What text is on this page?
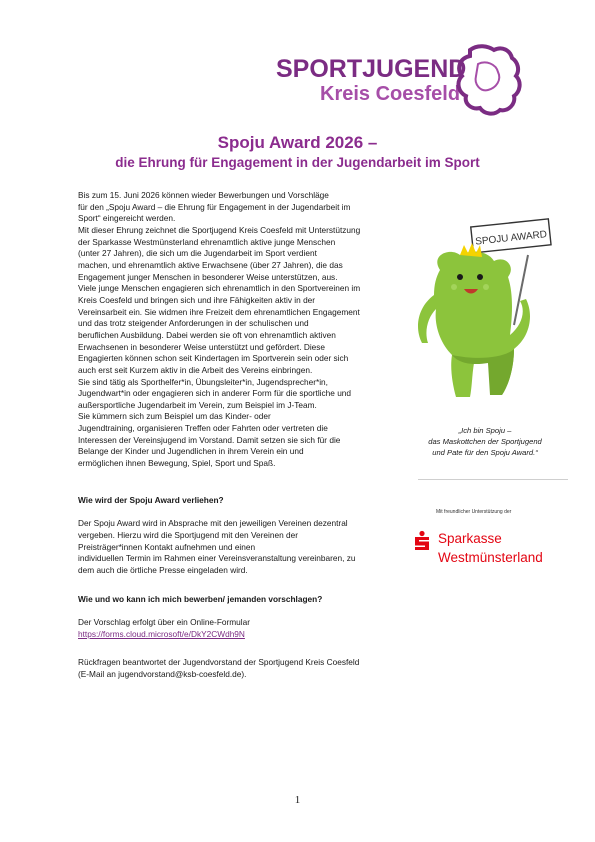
SPORTJUGEND
Kreis Coesfeld
Spoju Award 2026 –
die Ehrung für Engagement in der Jugendarbeit im Sport
Bis zum 15. Juni 2026 können wieder Bewerbungen und Vorschläge
für den „Spoju Award – die Ehrung für Engagement in der Jugendarbeit im
Sport“ eingereicht werden.
Mit dieser Ehrung zeichnet die Sportjugend Kreis Coesfeld mit Unterstützung
der Sparkasse Westmünsterland ehrenamtlich aktive junge Menschen
(unter 27 Jahren), die sich um die Jugendarbeit im Sport verdient
machen, und ehrenamtlich aktive Erwachsene (über 27 Jahren), die das
Engagement junger Menschen in besonderer Weise unterstützen, aus.
Viele junge Menschen engagieren sich ehrenamtlich in den Sportvereinen im
Kreis Coesfeld und bringen sich und ihre Fähigkeiten aktiv in der
Vereinsarbeit ein. Sie widmen ihre Freizeit dem ehrenamtlichen Engagement
und das trotz steigender Anforderungen in der schulischen und
beruflichen Ausbildung. Dabei werden sie oft von ehrenamtlich aktiven
Erwachsenen in besonderer Weise unterstützt und gefördert. Diese
Engagierten können schon seit Kindertagen im Sportverein sein oder sich
auch erst seit Kurzem aktiv in die Arbeit des Vereins einbringen.
Sie sind tätig als Sporthelfer*in, Übungsleiter*in, Jugendsprecher*in,
Jugendwart*in oder engagieren sich in anderer Form für die sportliche und
außersportliche Jugendarbeit im Verein, zum Beispiel im J-Team.
Sie kümmern sich zum Beispiel um das Kinder- oder
Jugendtraining, organisieren Treffen oder Fahrten oder vertreten die
Interessen der Vereinsjugend im Vorstand. Damit setzen sie sich für die
Belange der Kinder und Jugendlichen in ihrem Verein ein und
ermöglichen ihnen Bewegung, Spiel, Sport und Spaß.
Wie wird der Spoju Award verliehen?
Der Spoju Award wird in Absprache mit den jeweiligen Vereinen dezentral
vergeben. Hierzu wird die Sportjugend mit den Vereinen der
Preisträger*innen Kontakt aufnehmen und einen
individuellen Termin im Rahmen einer Vereinsveranstaltung vereinbaren, zu
dem auch die örtliche Presse eingeladen wird.
Wie und wo kann ich mich bewerben/ jemanden vorschlagen?
Der Vorschlag erfolgt über ein Online-Formular
https://forms.cloud.microsoft/e/DkY2CWdh9N
Rückfragen beantwortet der Jugendvorstand der Sportjugend Kreis Coesfeld
(E-Mail an jugendvorstand@ksb-coesfeld.de).
SPOJU AWARD
„Ich bin Spoju –
das Maskottchen der Sportjugend
und Pate für den Spoju Award.“
Mit freundlicher Unterstützung der
Sparkasse
Westmünsterland
1
